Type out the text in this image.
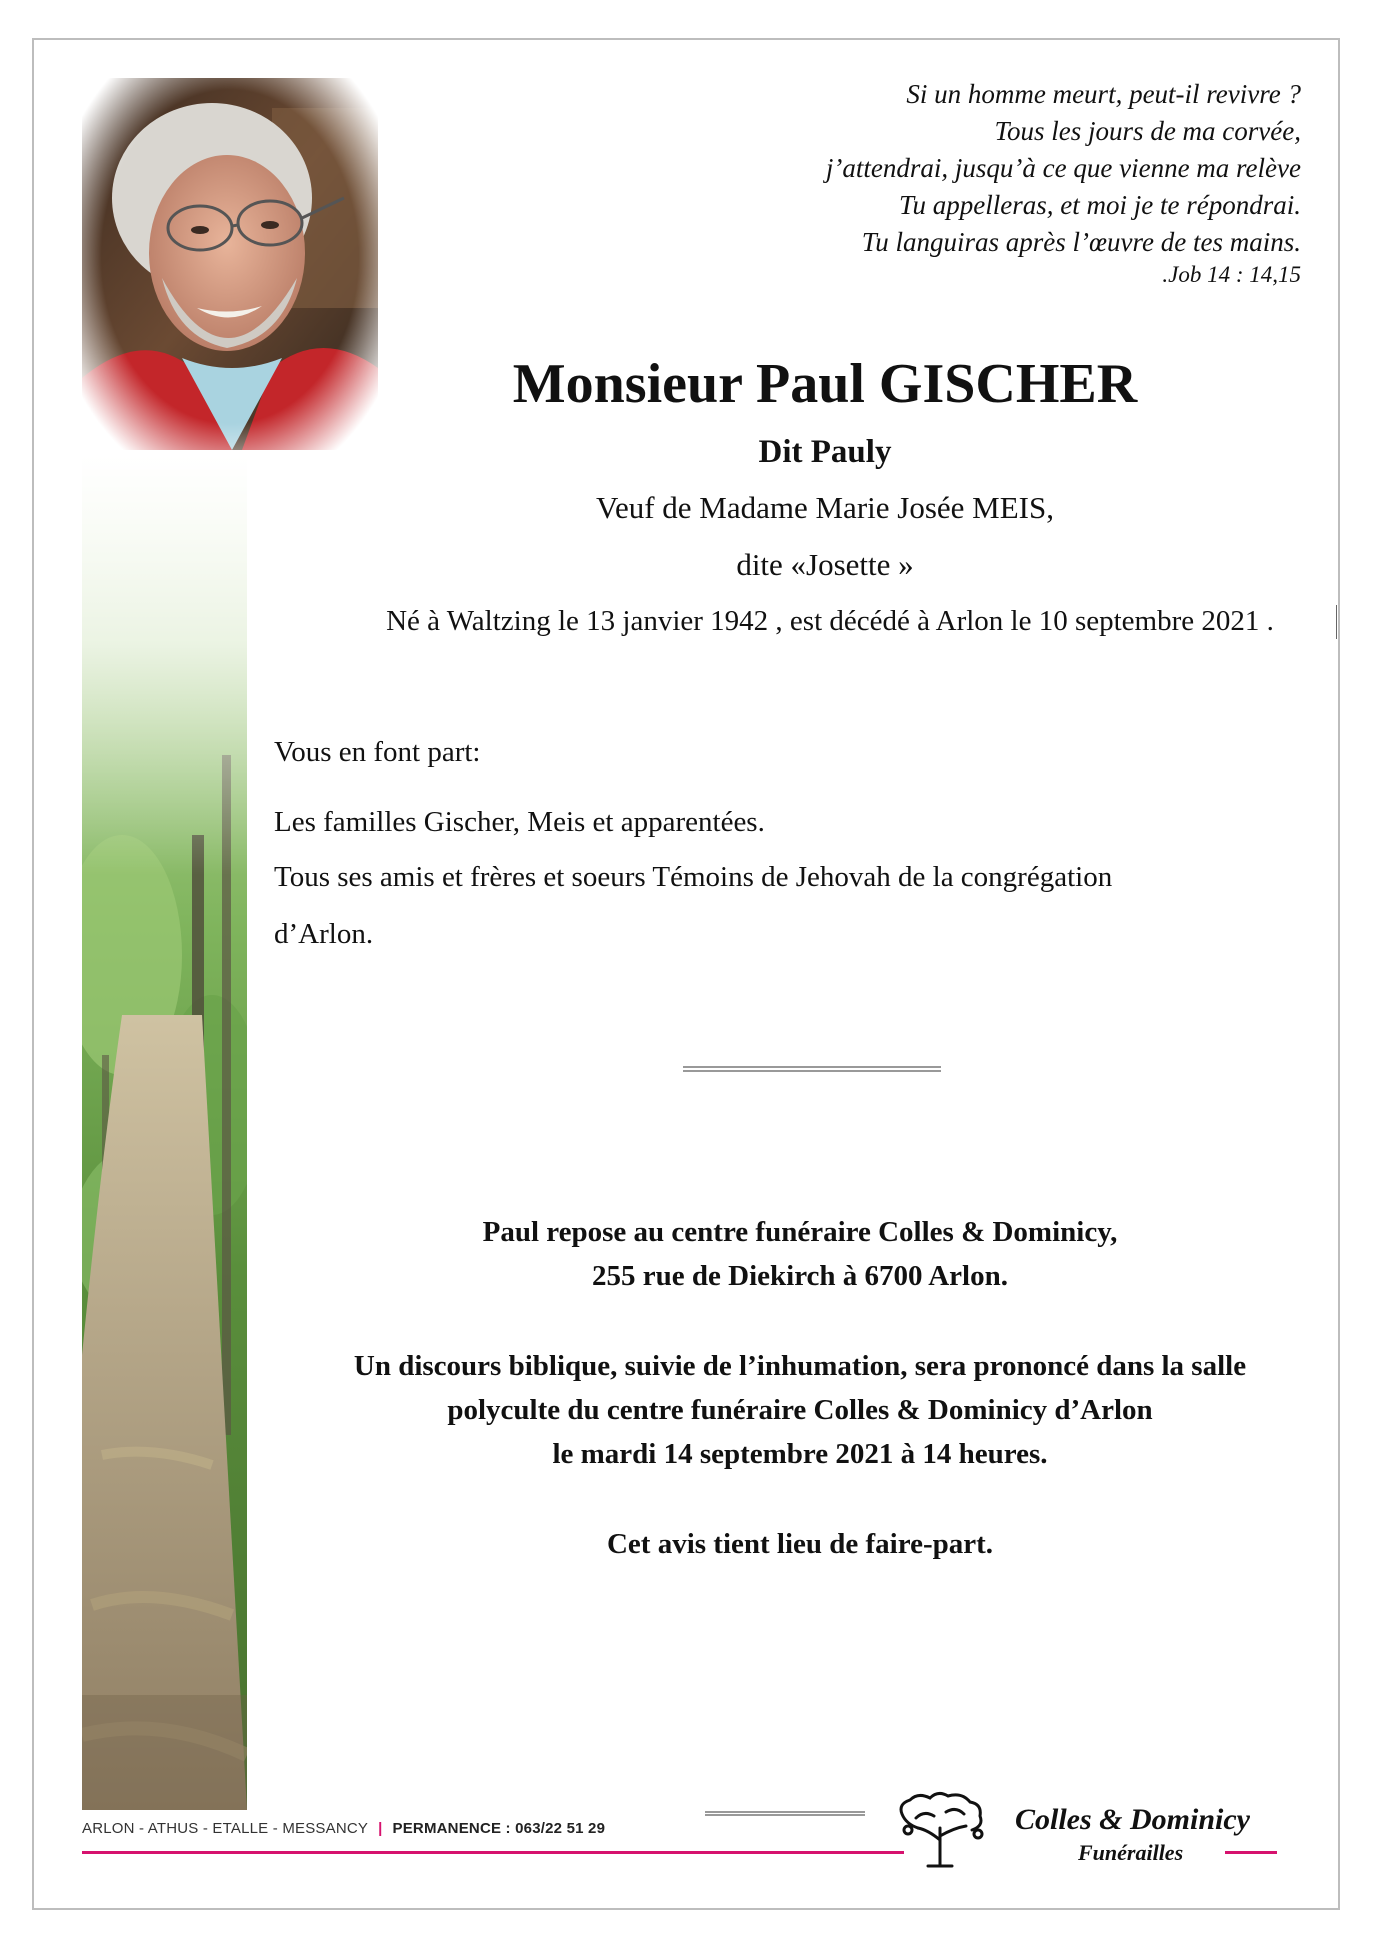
Si un homme meurt, peut-il revivre ?
Tous les jours de ma corvée,
j’attendrai, jusqu’à ce que vienne ma relève
Tu appelleras, et moi je te répondrai.
Tu languiras après l’œuvre de tes mains.
.Job 14 : 14,15
Monsieur Paul GISCHER
Dit Pauly
Veuf de Madame Marie Josée MEIS,
dite «Josette »
Né à Waltzing le 13 janvier 1942 , est décédé à Arlon le 10 septembre 2021 .
Vous en font part:
Les familles Gischer, Meis et apparentées.
Tous ses amis et frères et soeurs Témoins de Jehovah de la congrégation
d’Arlon.
Paul repose au centre funéraire Colles & Dominicy,
255 rue de Diekirch à 6700 Arlon.
Un discours biblique, suivie de l’inhumation, sera prononcé dans la salle
polyculte du centre funéraire Colles & Dominicy d’Arlon
le mardi 14 septembre 2021 à 14 heures.
Cet avis tient lieu de faire-part.
ARLON - ATHUS - ETALLE - MESSANCY | PERMANENCE : 063/22 51 29	Colles & Dominicy
Funérailles
